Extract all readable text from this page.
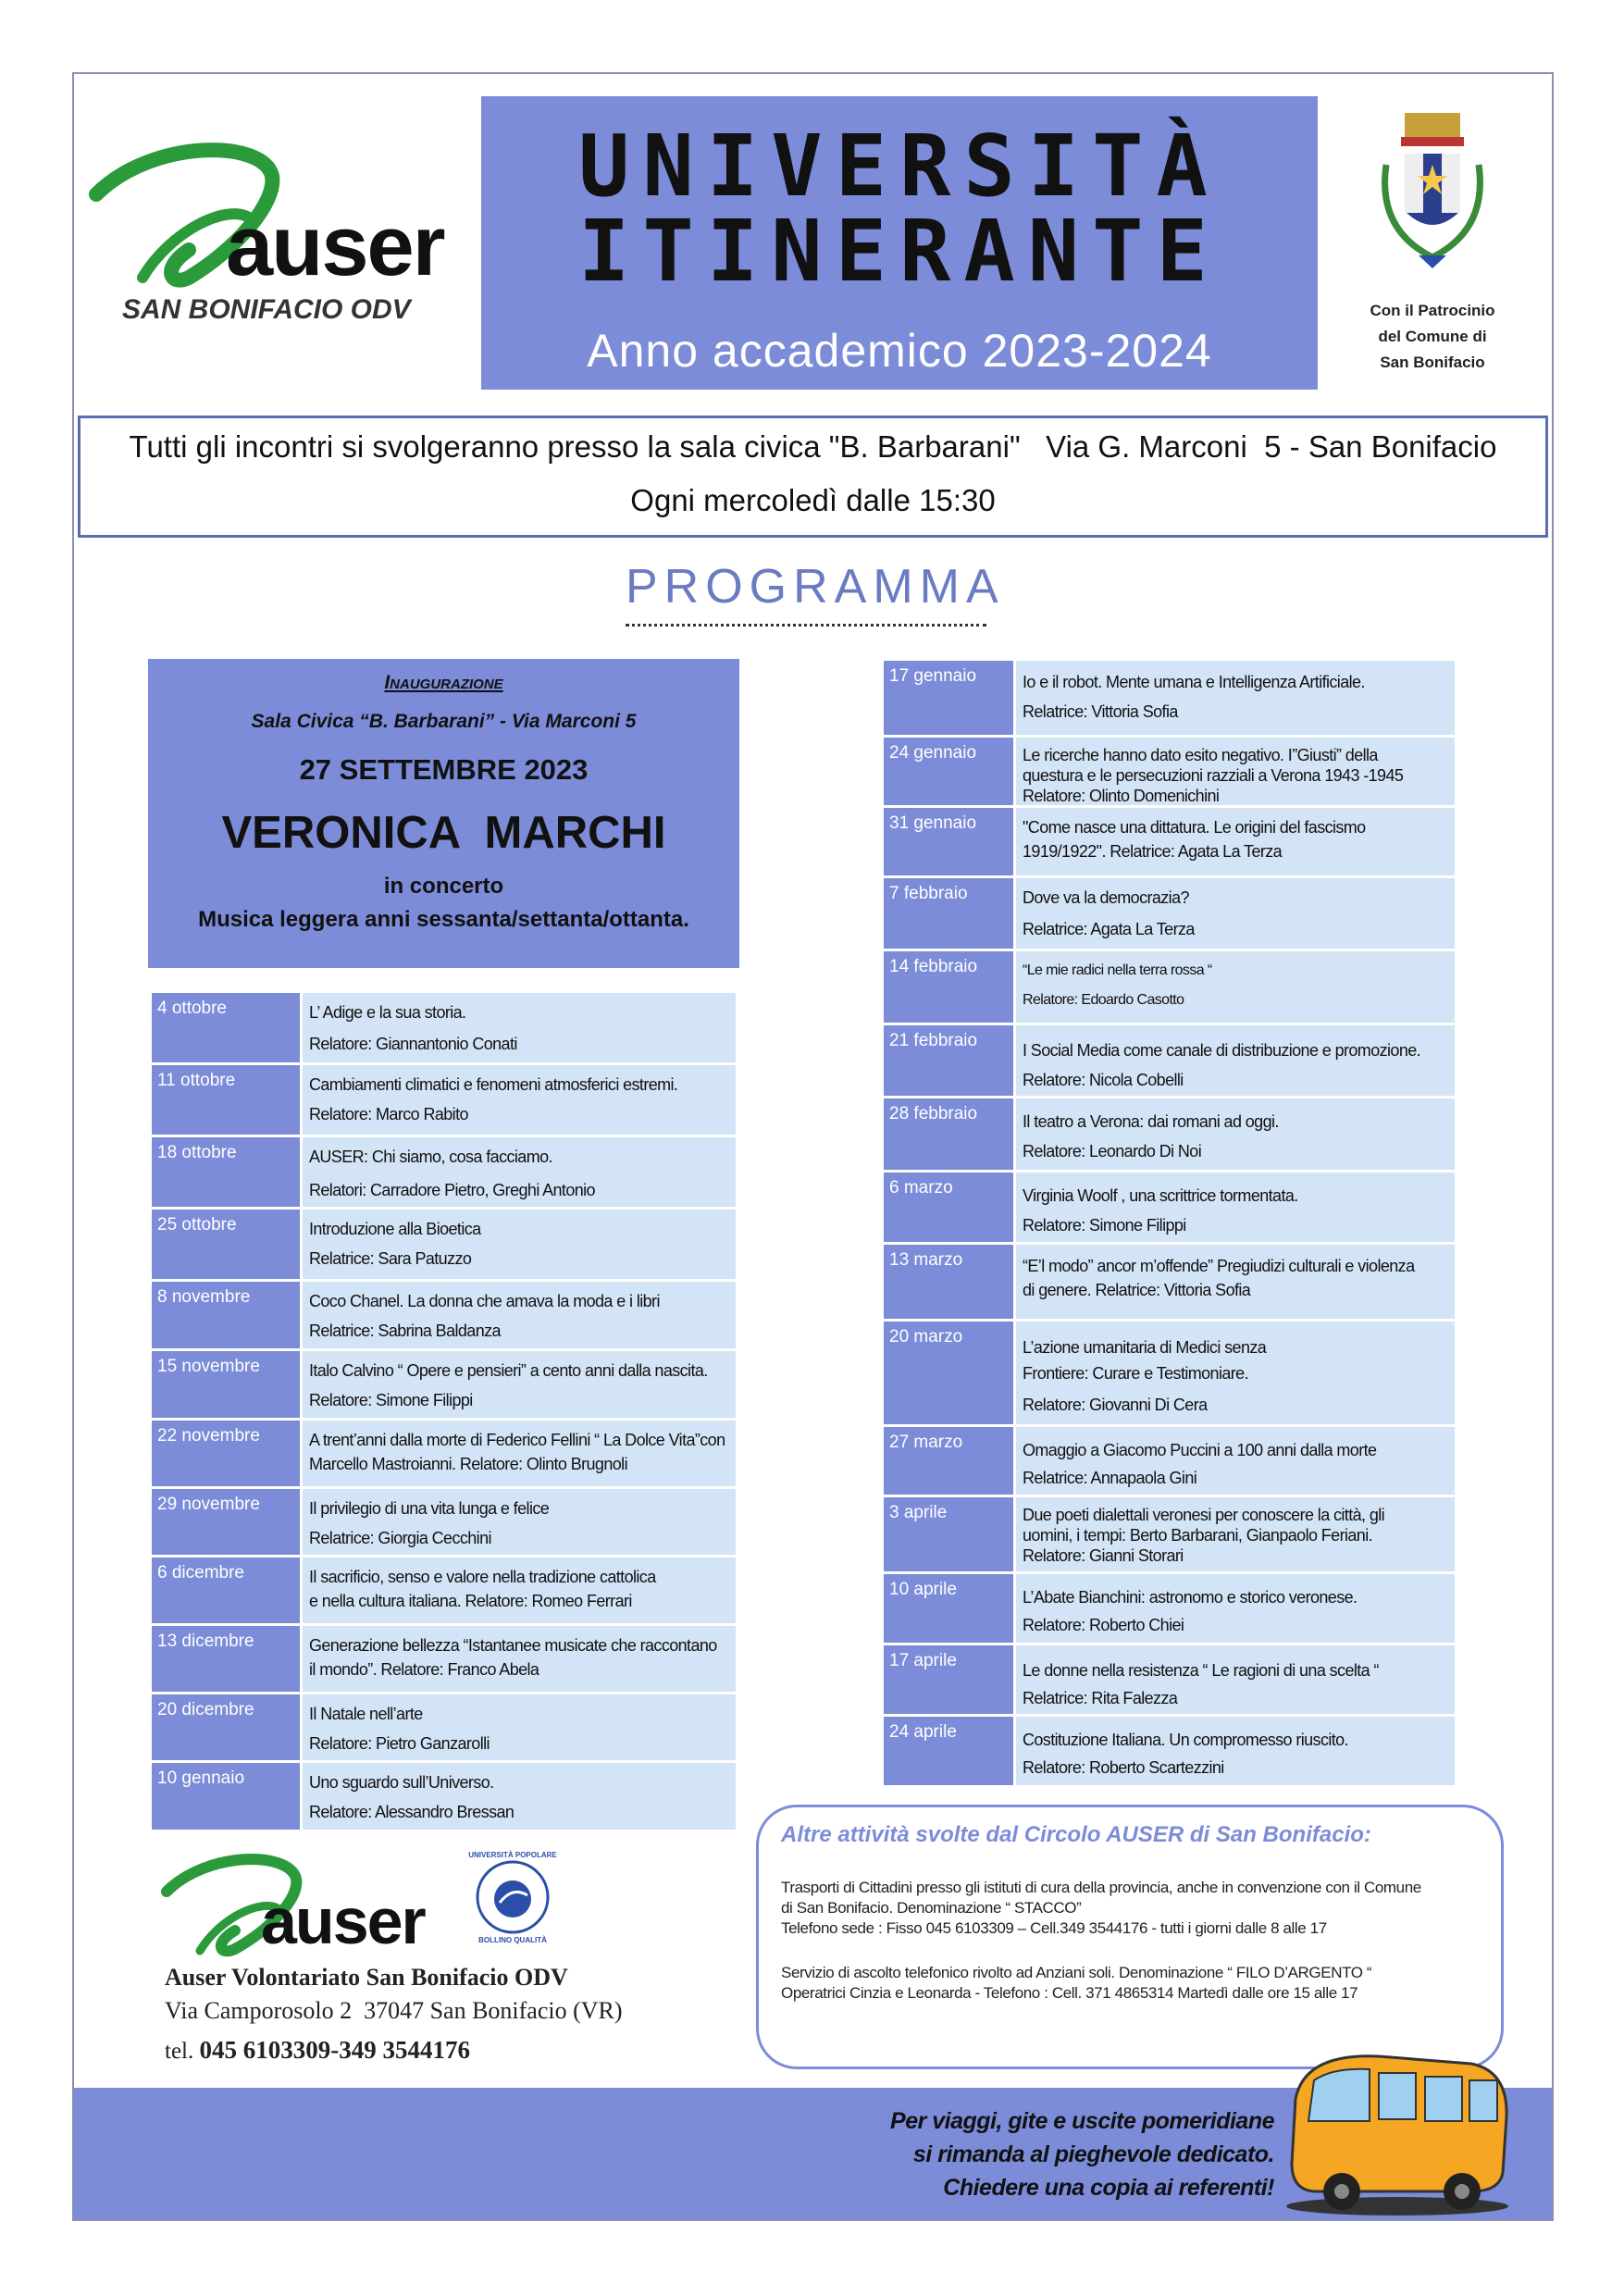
auser
SAN BONIFACIO ODV
UNIVERSITÀ
ITINERANTE
Anno accademico 2023-2024
Con il Patrocinio
del Comune di
San Bonifacio
Tutti gli incontri si svolgeranno presso la sala civica "B. Barbarani"   Via G. Marconi  5 - San Bonifacio
Ogni mercoledì dalle 15:30
PROGRAMMA
Inaugurazione
Sala Civica “B. Barbarani” - Via Marconi 5
27 SETTEMBRE 2023
VERONICA  MARCHI
in concerto
Musica leggera anni sessanta/settanta/ottanta.
4 ottobre	L’ Adige e la sua storia.
Relatore: Giannantonio Conati
11 ottobre	Cambiamenti climatici e fenomeni atmosferici estremi.
Relatore: Marco Rabito
18 ottobre	AUSER: Chi siamo, cosa facciamo.
Relatori: Carradore Pietro, Greghi Antonio
25 ottobre	Introduzione alla Bioetica
Relatrice: Sara Patuzzo
8 novembre	Coco Chanel. La donna che amava la moda e i libri
Relatrice: Sabrina Baldanza
15 novembre	Italo Calvino “ Opere e pensieri” a cento anni dalla nascita.
Relatore: Simone Filippi
22 novembre	A trent’anni dalla morte di Federico Fellini “ La Dolce Vita”con
Marcello Mastroianni. Relatore: Olinto Brugnoli
29 novembre	Il privilegio di una vita lunga e felice
Relatrice: Giorgia Cecchini
6 dicembre	Il sacrificio, senso e valore nella tradizione cattolica
e nella cultura italiana. Relatore: Romeo Ferrari
13 dicembre	Generazione bellezza “Istantanee musicate che raccontano
il mondo”. Relatore: Franco Abela
20 dicembre	Il Natale nell’arte
Relatore: Pietro Ganzarolli
10 gennaio	Uno sguardo sull’Universo.
Relatore: Alessandro Bressan
17 gennaio	Io e il robot. Mente umana e Intelligenza Artificiale.
Relatrice: Vittoria Sofia
24 gennaio	Le ricerche hanno dato esito negativo. I”Giusti” della
questura e le persecuzioni razziali a Verona 1943 -1945
Relatore: Olinto Domenichini
31 gennaio	"Come nasce una dittatura. Le origini del fascismo
1919/1922". Relatrice: Agata La Terza
7 febbraio	Dove va la democrazia?
Relatrice: Agata La Terza
14 febbraio	“Le mie radici nella terra rossa “
Relatore: Edoardo Casotto
21 febbraio	I Social Media come canale di distribuzione e promozione.
Relatore: Nicola Cobelli
28 febbraio	Il teatro a Verona: dai romani ad oggi.
Relatore: Leonardo Di Noi
6 marzo	Virginia Woolf , una scrittrice tormentata.
Relatore: Simone Filippi
13 marzo	“E’l modo” ancor m’offende” Pregiudizi culturali e violenza
di genere. Relatrice: Vittoria Sofia
20 marzo
L’azione umanitaria di Medici senza
Frontiere: Curare e Testimoniare.
Relatore: Giovanni Di Cera
27 marzo	Omaggio a Giacomo Puccini a 100 anni dalla morte
Relatrice: Annapaola Gini
3 aprile	Due poeti dialettali veronesi per conoscere la città, gli
uomini, i tempi: Berto Barbarani, Gianpaolo Feriani.
Relatore: Gianni Storari
10 aprile	L’Abate Bianchini: astronomo e storico veronese.
Relatore: Roberto Chiei
17 aprile	Le donne nella resistenza “ Le ragioni di una scelta “
Relatrice: Rita Falezza
24 aprile	Costituzione Italiana. Un compromesso riuscito.
Relatore: Roberto Scartezzini
auser
UNIVERSITÀ POPOLARE
BOLLINO QUALITÀ
Auser Volontariato San Bonifacio ODV
Via Camporosolo 2  37047 San Bonifacio (VR)
tel. 045 6103309-349 3544176
Altre attività svolte dal Circolo AUSER di San Bonifacio:
Trasporti di Cittadini presso gli istituti di cura della provincia, anche in convenzione con il Comune
di San Bonifacio. Denominazione “ STACCO”
Telefono sede : Fisso 045 6103309 – Cell.349 3544176 - tutti i giorni dalle 8 alle 17
Servizio di ascolto telefonico rivolto ad Anziani soli. Denominazione “ FILO D’ARGENTO “
Operatrici Cinzia e Leonarda - Telefono : Cell. 371 4865314 Martedì dalle ore 15 alle 17
Per viaggi, gite e uscite pomeridiane
si rimanda al pieghevole dedicato.
Chiedere una copia ai referenti!
